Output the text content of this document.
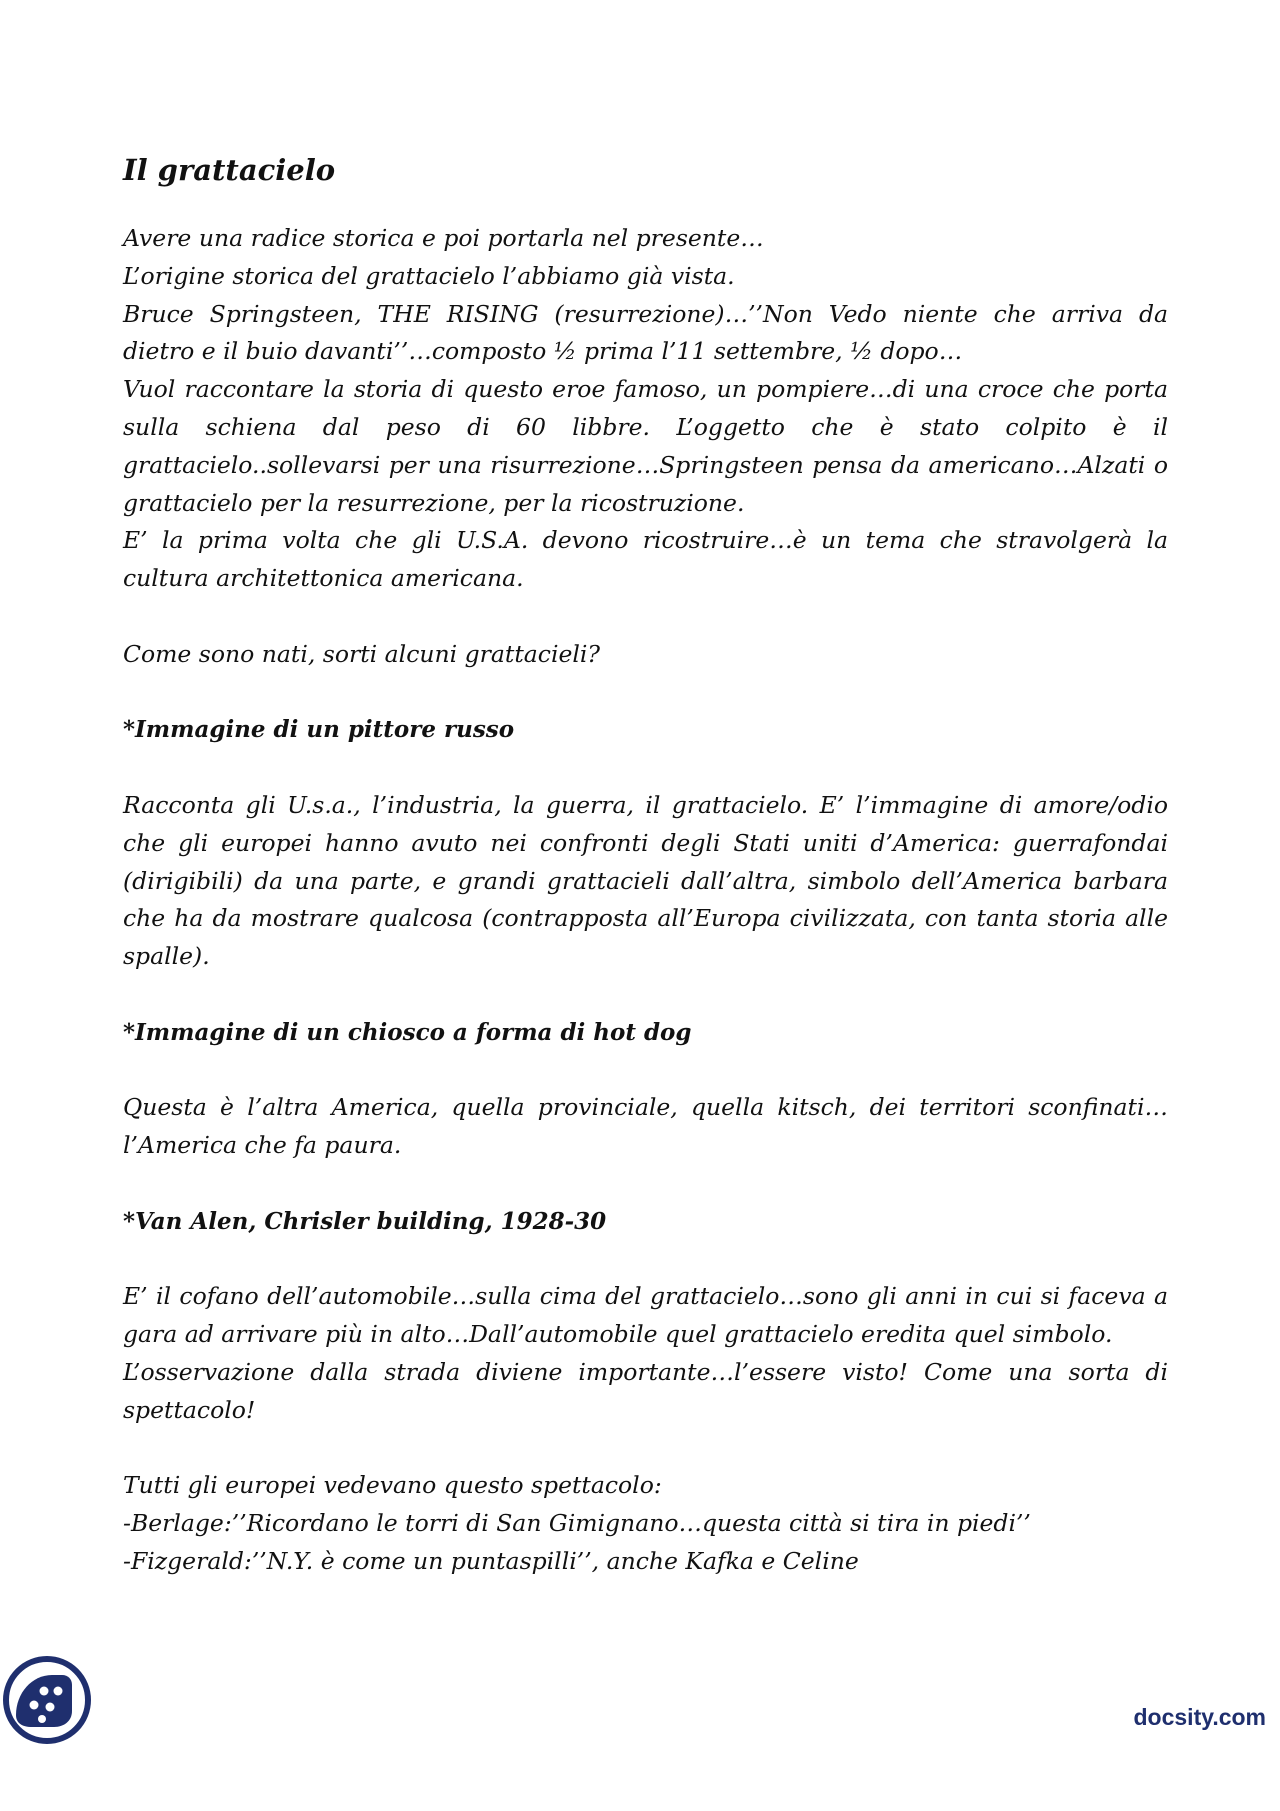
Il grattacielo

Avere una radice storica e poi portarla nel presente…

L’origine storica del grattacielo l’abbiamo già vista.

Bruce Springsteen, THE RISING (resurrezione)…’’Non Vedo niente che arriva da dietro e il buio davanti’’…composto ½ prima l’11 settembre, ½ dopo…

Vuol raccontare la storia di questo eroe famoso, un pompiere…di una croce che porta sulla schiena dal peso di 60 libbre. L’oggetto che è stato colpito è il grattacielo..sollevarsi per una risurrezione…Springsteen pensa da americano…Alzati o grattacielo per la resurrezione, per la ricostruzione.

E’ la prima volta che gli U.S.A. devono ricostruire…è un tema che stravolgerà la cultura architettonica americana.

Come sono nati, sorti alcuni grattacieli?

*Immagine di un pittore russo

Racconta gli U.s.a., l’industria, la guerra, il grattacielo. E’ l’immagine di amore/odio che gli europei hanno avuto nei confronti degli Stati uniti d’America: guerrafondai (dirigibili) da una parte, e grandi grattacieli dall’altra, simbolo dell’America barbara che ha da mostrare qualcosa (contrapposta all’Europa civilizzata, con tanta storia alle spalle).

*Immagine di un chiosco a forma di hot dog

Questa è l’altra America, quella provinciale, quella kitsch, dei territori sconfinati…l’America che fa paura.

*Van Alen, Chrisler building, 1928-30

E’ il cofano dell’automobile…sulla cima del grattacielo…sono gli anni in cui si faceva a gara ad arrivare più in alto…Dall’automobile quel grattacielo eredita quel simbolo.

L’osservazione dalla strada diviene importante…l’essere visto! Come una sorta di spettacolo!

Tutti gli europei vedevano questo spettacolo:

-Berlage:’’Ricordano le torri di San Gimignano…questa città si tira in piedi’’

-Fizgerald:’’N.Y. è come un puntaspilli’’, anche Kafka e Celine

docsity.com
